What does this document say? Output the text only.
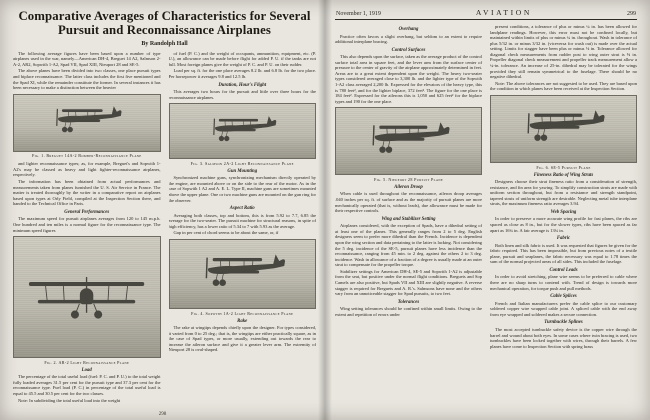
Comparative Averages of Characteristics for Several
Pursuit and Reconnaissance Airplanes
By Randolph Hall

The following average figures have been based upon a number of type airplanes used in the war, namely—American DH-4, Breguet 14 A2, Salmson 2-A-2, AR2, Sopwith 1-A2, Spad VII, Spad XIII, Nieuport 28 and SE-5.

The above planes have been divided into two classes, one place pursuit types and biplace reconnaissance. The latter class includes the first five mentioned and the Spad XI, while the remainder constitute the former. In several instances it has been necessary to make a distinction between the heavier

Fig. 1. Breguet 14A-2 Bomber-Reconnaissance Plane

and lighter reconnaissance types; as, for example, Breguet's and Sopwith 1-A2's may be classed as heavy and light fighter-reconnaissance airplanes, respectively.

The information has been obtained from actual performances and measurements taken from planes furnished the U. S. Air Service in France. The matter is treated thoroughly by the writer in a comparative report on airplanes based upon types at Orly Field, compiled at the Inspection Section there, and handed to the Technical Office in Paris.

General Performances

The maximum speed for pursuit airplanes averages from 120 to 145 m.p.h. One hundred and ten miles is a normal figure for the reconnaissance type. The minimum speed figures

Fig. 2. AR-2 Light Reconnaissance Plane
Load

The percentage of the total useful load (fuel: P. C. and P. U.) to the total weight fully loaded averages 31.5 per cent for the pursuit type and 37.3 per cent for the reconnaissance type. Fuel load (P. C.) in percentage of the total useful load is equal to 45.5 and 30.5 per cent for the two classes.

Note: In subdividing the total useful load into the weight

of fuel (P. C.) and the weight of occupants, ammunition, equipment, etc. (P. U.), an allowance can be made before flight for added P. U. if the tanks are not full. Most foreign planes give the weight of P. C. and P. U. on their rudder.

Load per sq. ft. for the one place averages 8.2 lb. and 6.8 lb. for the two place. Per horsepower it averages 9.8 and 12.5 lb.

Duration, Hour's Flight

This averages two hours for the pursuit and little over three hours for the reconnaissance airplanes.

Fig. 3. Salmson 2A-2 Light Reconnaissance Plane
Gun Mounting

Synchronized machine guns, synchronizing mechanism directly operated by the engine, are mounted above or on the side to the rear of the motor. As in the case of Sopwith 1 A2 and A. E. L. Type II, machine guns are sometimes mounted above the upper plane. One or two machine guns are mounted on the gun ring for the observer.

Aspect Ratio

Averaging both classes, top and bottom, this is from 5.92 to 7.7, 6.85 the average for the two-seater. The pursuit machine for structural reasons, in spite of high efficiency, has a lower ratio of 5.34 to 7 with 5.93 as the average.

Gap in per cent of chord seems to be about the same, or, if

Fig. 4. Sopwith 1A-2 Light Reconnaissance Plane
Rake

The rake at wingtips depends chiefly upon the designer. For types considered, it varied from 0 to 25 deg.; that is, the wingtips are either practically square, as in the case of Spad types, or more usually, extending out towards the rear to increase the aileron surface and give it a greater lever arm. The extremity of Nieuport 28 is oval-shaped.

298
November 1, 1919	AVIATION	299
Overhang

Practice often favors a slight overhang, but seldom to an extent to require additional interplane bracing.

Control Surfaces

This also depends upon the surface, taken as the average product of the control surface total area in square feet, and the lever arm from the surface center of pressure to the center of gravity of the airplane approximately determined in feet. Areas are to a great extent dependent upon the weight. The heavy two-seater types considered averaged close to 3,300 lb. and the lighter type of the Sopwith 1-A2 class averaged 2,200 lb. Expressed for the elevators of the heavy type, this is 780 feet², and for the lighter biplace, 372 feet². The figure for the one place is 184 feet². Expressed for the ailerons this is 1,050 and 625 feet² for the biplace types and 190 for the one place.

Fig. 5. Nieuport 28 Pursuit Plane
Aileron Droop

When cable is used throughout the reconnaissance, aileron droop averages .040 inches per sq. ft. of surface and as the majority of pursuit planes are more mechanically operated (that is, without leads), due allowance must be made for their respective controls.

Wing and Stabilizer Setting

Airplanes considered, with the exception of Spads, have a dihedral setting of at least one of the planes. This generally ranges from 2 to 5 deg. English designers seem to prefer more dihedral than the French. Incidence is dependent upon the wing section and data pertaining to the latter is lacking. Not considering the 5 deg. incidence of the SE-5, pursuit planes have less incidence than the reconnaissance, ranging from 45 min. to 2 deg. against the others 2 to 3 deg. incidence. Wash in allowance of a fraction of a degree is usually made at an outer strut to compensate for the propeller torque.

Stabilizer settings for American DH-4, SE-5 and Sopwith 1-A2 is adjustable from the seat, but positive under the normal flight conditions. Breguets and Sop Camels are also positive, but Spads VII and XIII are slightly negative. A reverse stagger is required for Breguets and A. R.'s. Salmsons have none and the others vary from an unnoticeable stagger for Spad pursuits, to two feet.

Tolerances

Wing setting tolerances should be confined within small limits. Owing to the extent and repetition of errors under

present conditions, a tolerance of plus or minus ¼ in. has been allowed for landplane readings. However, this error must not be confined locally, but maintained within limits of plus or minus ¼ in. throughout. Wash in tolerance of plus 5/32 in. or minus 3/32 in. (viceversa for wash out) is made over the actual setting. Limits for stagger have been plus or minus ⅛ in. Tolerance allowed for diagonal check measurements from rudder post to wing outer strut is ⅜ in. Propeller diagonal check measurement and propeller track measurement allow a ¼-in. tolerance. An increase of 25-in. dihedral may be tolerated for the wings provided they still remain symmetrical to the fuselage. There should be no negative dihedral.

Note: The above tolerances are not suggested to be used. They are based upon the condition in which planes have been received at the Inspection Section.

Fig. 6. SE-5 Pursuit Plane
Fineness Ratio of Wing Struts

Designers choose their strut fineness ratio from a consideration of strength, resistance, and fin area for yawing. To simplify construction struts are made with uniform section throughout, but from a resistance and strength standpoint, tapered struts of uniform strength are desirable. Neglecting metal tube interplane struts, the maximum fineness ratio averages 3.94.

Web Spacing

In order to preserve a more accurate wing profile for fast planes, the ribs are spaced as close as 8 in., but for the slower types, ribs have been spaced as far apart as 16¾ in. A fair average is 13¾ in.

Fabric

Both linen and silk fabric is used. It was requested that figures be given for the fabric required. This has been impossible, but from previous notes of a textile plane, pursuit and seaplanes, the fabric necessary was equal to 1.78 times the sum of the normal projected areas of all sides. This included the fuselage.

Control Leads

In order to avoid stretching, plane wire seems to be preferred to cable where there are no sharp turns to contend with. Trend of design is towards more mechanical operation, for torque push and pull methods.

Cable Splices

French and Italian manufacturers prefer the cable splice to our customary soldered copper wire wrapped cable joint. A spliced cable with the end away from eye wrapped and soldered makes a secure connection.

Turnbuckle Splines

The most accepted turnbuckle safety device is the copper wire through the barrel and wound about both eyes. In some cases where twin bracing is used, two turnbuckles have been locked together with wires, through their barrels. A few planes have come to Inspection Section with spring brass
